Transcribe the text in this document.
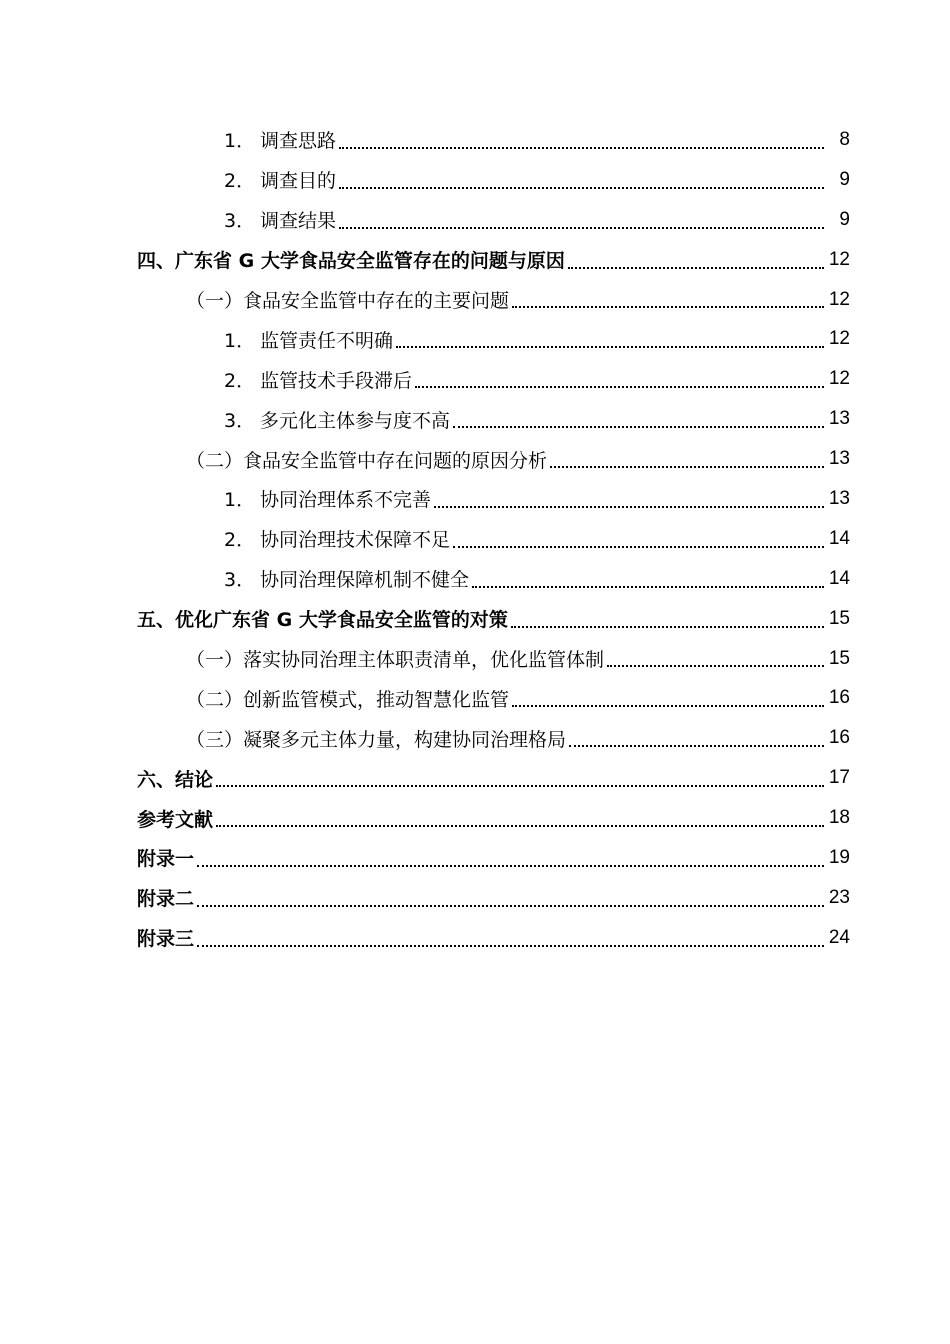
1． 调查思路	8
2． 调查目的	9
3． 调查结果	9
四、广东省 G 大学食品安全监管存在的问题与原因	12
（一）食品安全监管中存在的主要问题	12
1． 监管责任不明确	12
2． 监管技术手段滞后	12
3． 多元化主体参与度不高	13
（二）食品安全监管中存在问题的原因分析	13
1． 协同治理体系不完善	13
2． 协同治理技术保障不足	14
3． 协同治理保障机制不健全	14
五、优化广东省 G 大学食品安全监管的对策	15
（一）落实协同治理主体职责清单，优化监管体制	15
（二）创新监管模式，推动智慧化监管	16
（三）凝聚多元主体力量，构建协同治理格局	16
六、结论	17
参考文献	18
附录一	19
附录二	23
附录三	24
